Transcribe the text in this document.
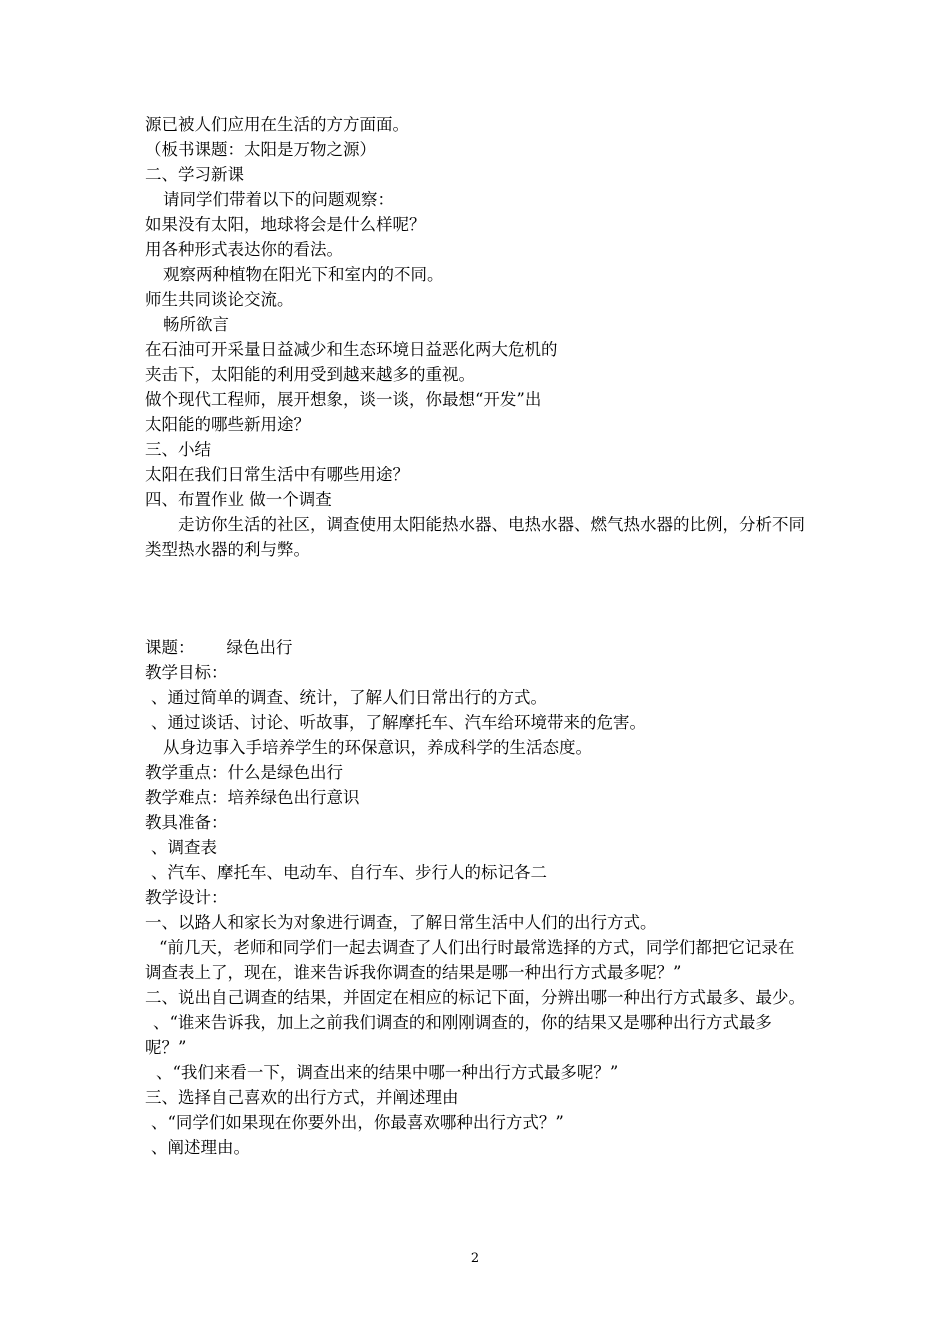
源已被人们应用在生活的方方面面。
（板书课题：太阳是万物之源）
二、学习新课
请同学们带着以下的问题观察：
如果没有太阳，地球将会是什么样呢？
用各种形式表达你的看法。
观察两种植物在阳光下和室内的不同。
师生共同谈论交流。
畅所欲言
在石油可开采量日益减少和生态环境日益恶化两大危机的
夹击下，太阳能的利用受到越来越多的重视。
做个现代工程师，展开想象，谈一谈，你最想“开发”出
太阳能的哪些新用途？
三、小结
太阳在我们日常生活中有哪些用途？
四、布置作业 做一个调查
走访你生活的社区，调查使用太阳能热水器、电热水器、燃气热水器的比例，分析不同类型热水器的利与弊。
课题： 绿色出行
教学目标：
、通过简单的调查、统计，了解人们日常出行的方式。
、通过谈话、讨论、听故事，了解摩托车、汽车给环境带来的危害。
从身边事入手培养学生的环保意识，养成科学的生活态度。
教学重点：什么是绿色出行
教学难点：培养绿色出行意识
教具准备：
、调查表
、汽车、摩托车、电动车、自行车、步行人的标记各二
教学设计：
一、以路人和家长为对象进行调查，了解日常生活中人们的出行方式。
“前几天，老师和同学们一起去调查了人们出行时最常选择的方式，同学们都把它记录在调查表上了，现在，谁来告诉我你调查的结果是哪一种出行方式最多呢？”
二、说出自己调查的结果，并固定在相应的标记下面，分辨出哪一种出行方式最多、最少。
、“谁来告诉我，加上之前我们调查的和刚刚调查的，你的结果又是哪种出行方式最多呢？”
、“我们来看一下，调查出来的结果中哪一种出行方式最多呢？”
三、选择自己喜欢的出行方式，并阐述理由
、“同学们如果现在你要外出，你最喜欢哪种出行方式？”
、阐述理由。
2
